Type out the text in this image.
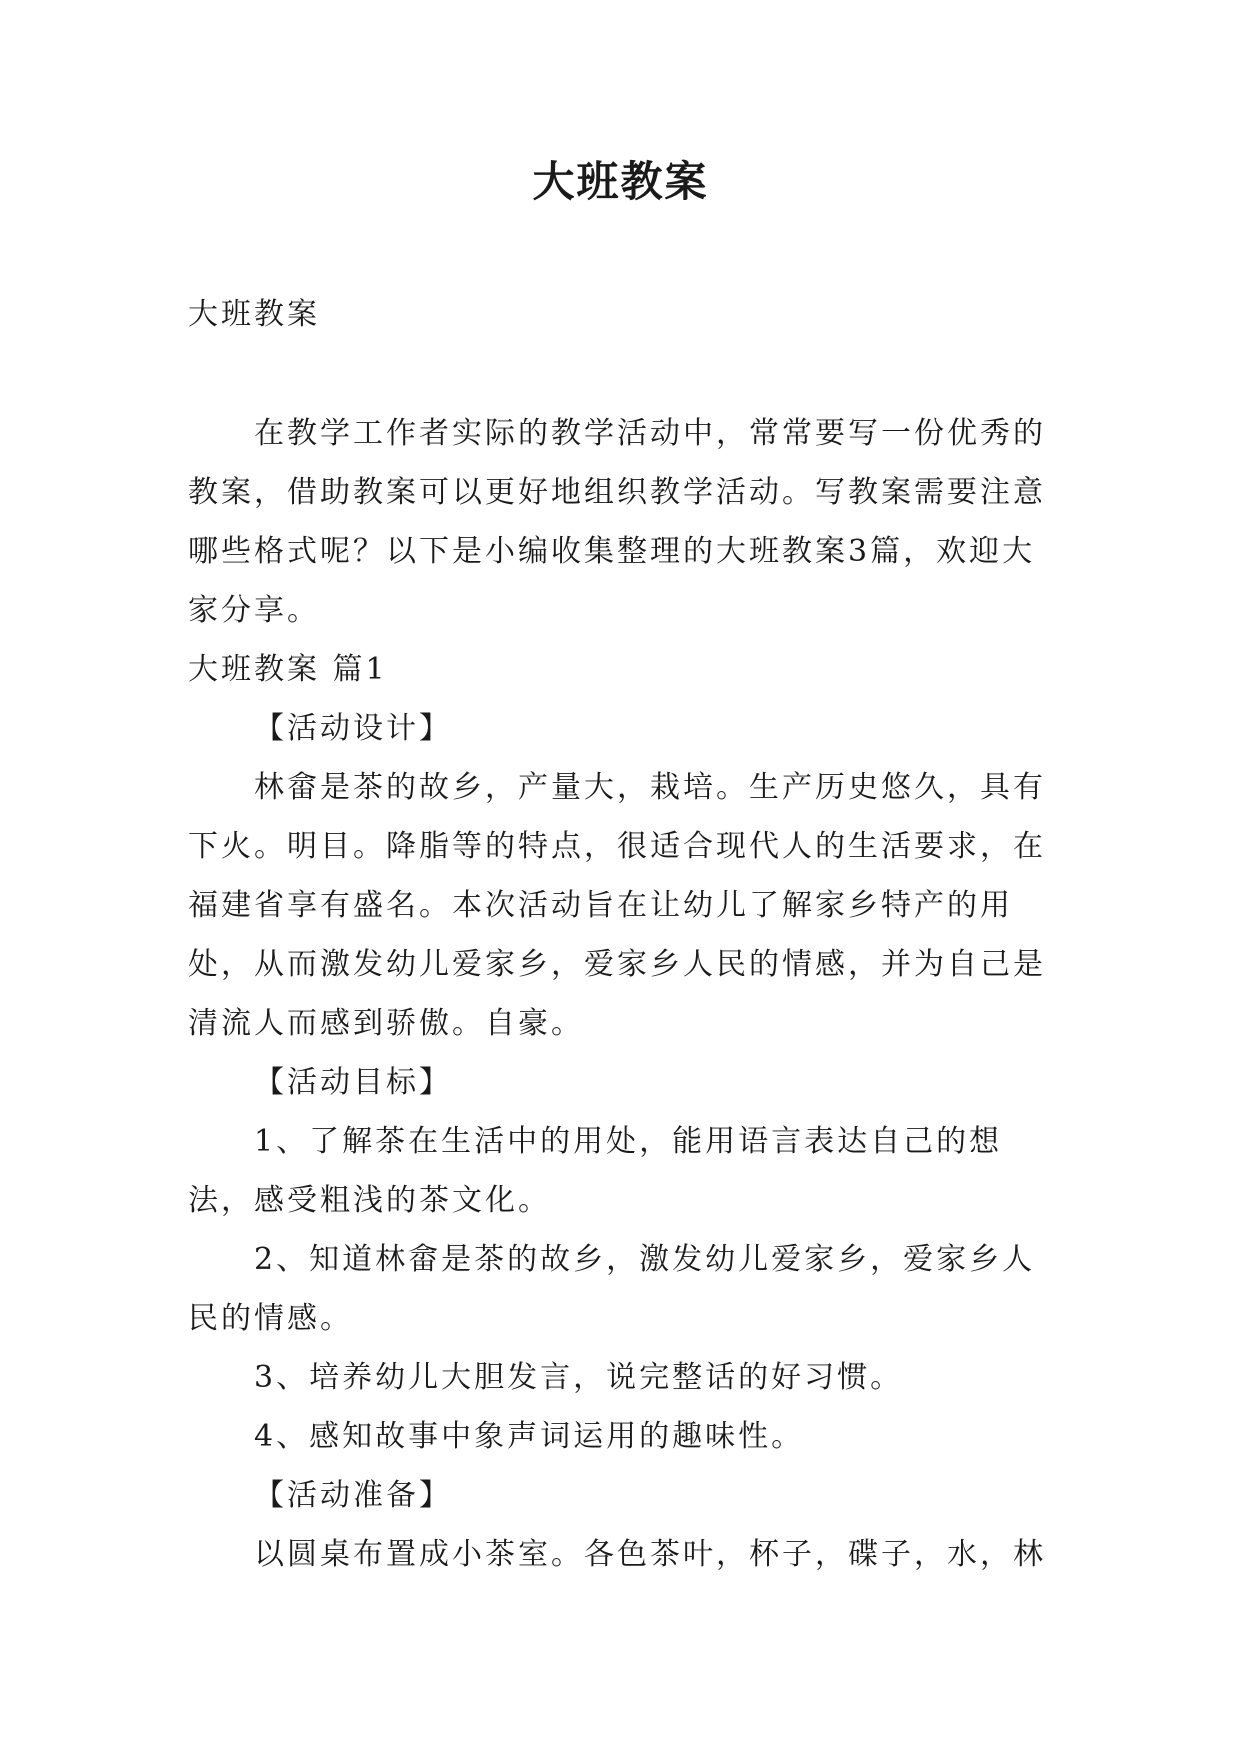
大班教案

大班教案

在教学工作者实际的教学活动中，常常要写一份优秀的教案，借助教案可以更好地组织教学活动。写教案需要注意哪些格式呢？以下是小编收集整理的大班教案3篇，欢迎大家分享。

大班教案 篇1

【活动设计】

林畲是茶的故乡，产量大，栽培。生产历史悠久，具有下火。明目。降脂等的特点，很适合现代人的生活要求，在福建省享有盛名。本次活动旨在让幼儿了解家乡特产的用处，从而激发幼儿爱家乡，爱家乡人民的情感，并为自己是清流人而感到骄傲。自豪。

【活动目标】

1、了解茶在生活中的用处，能用语言表达自己的想法，感受粗浅的茶文化。

2、知道林畲是茶的故乡，激发幼儿爱家乡，爱家乡人民的情感。

3、培养幼儿大胆发言，说完整话的好习惯。

4、感知故事中象声词运用的趣味性。

【活动准备】

以圆桌布置成小茶室。各色茶叶，杯子，碟子，水，林
